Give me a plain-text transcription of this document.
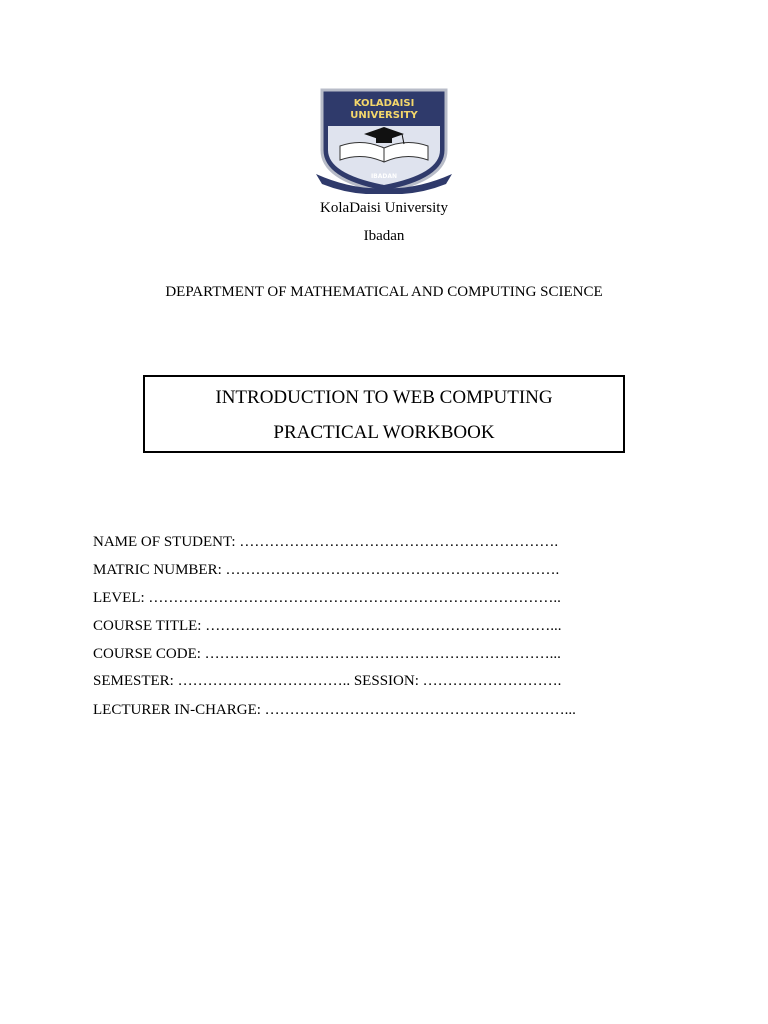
KOLADAISI
UNIVERSITY
IBADAN
KolaDaisi University
Ibadan
DEPARTMENT OF MATHEMATICAL AND COMPUTING SCIENCE
INTRODUCTION TO WEB COMPUTING
PRACTICAL WORKBOOK
NAME OF STUDENT: ……………………………………………………….
MATRIC NUMBER: ………………………………………………………….
LEVEL: ………………………………………………………………………..
COURSE TITLE: ……………………………………………………………...
COURSE CODE: ……………………………………………………………...
SEMESTER: …………………………….. SESSION: ……………………….
LECTURER IN-CHARGE: ……………………………………………………...
